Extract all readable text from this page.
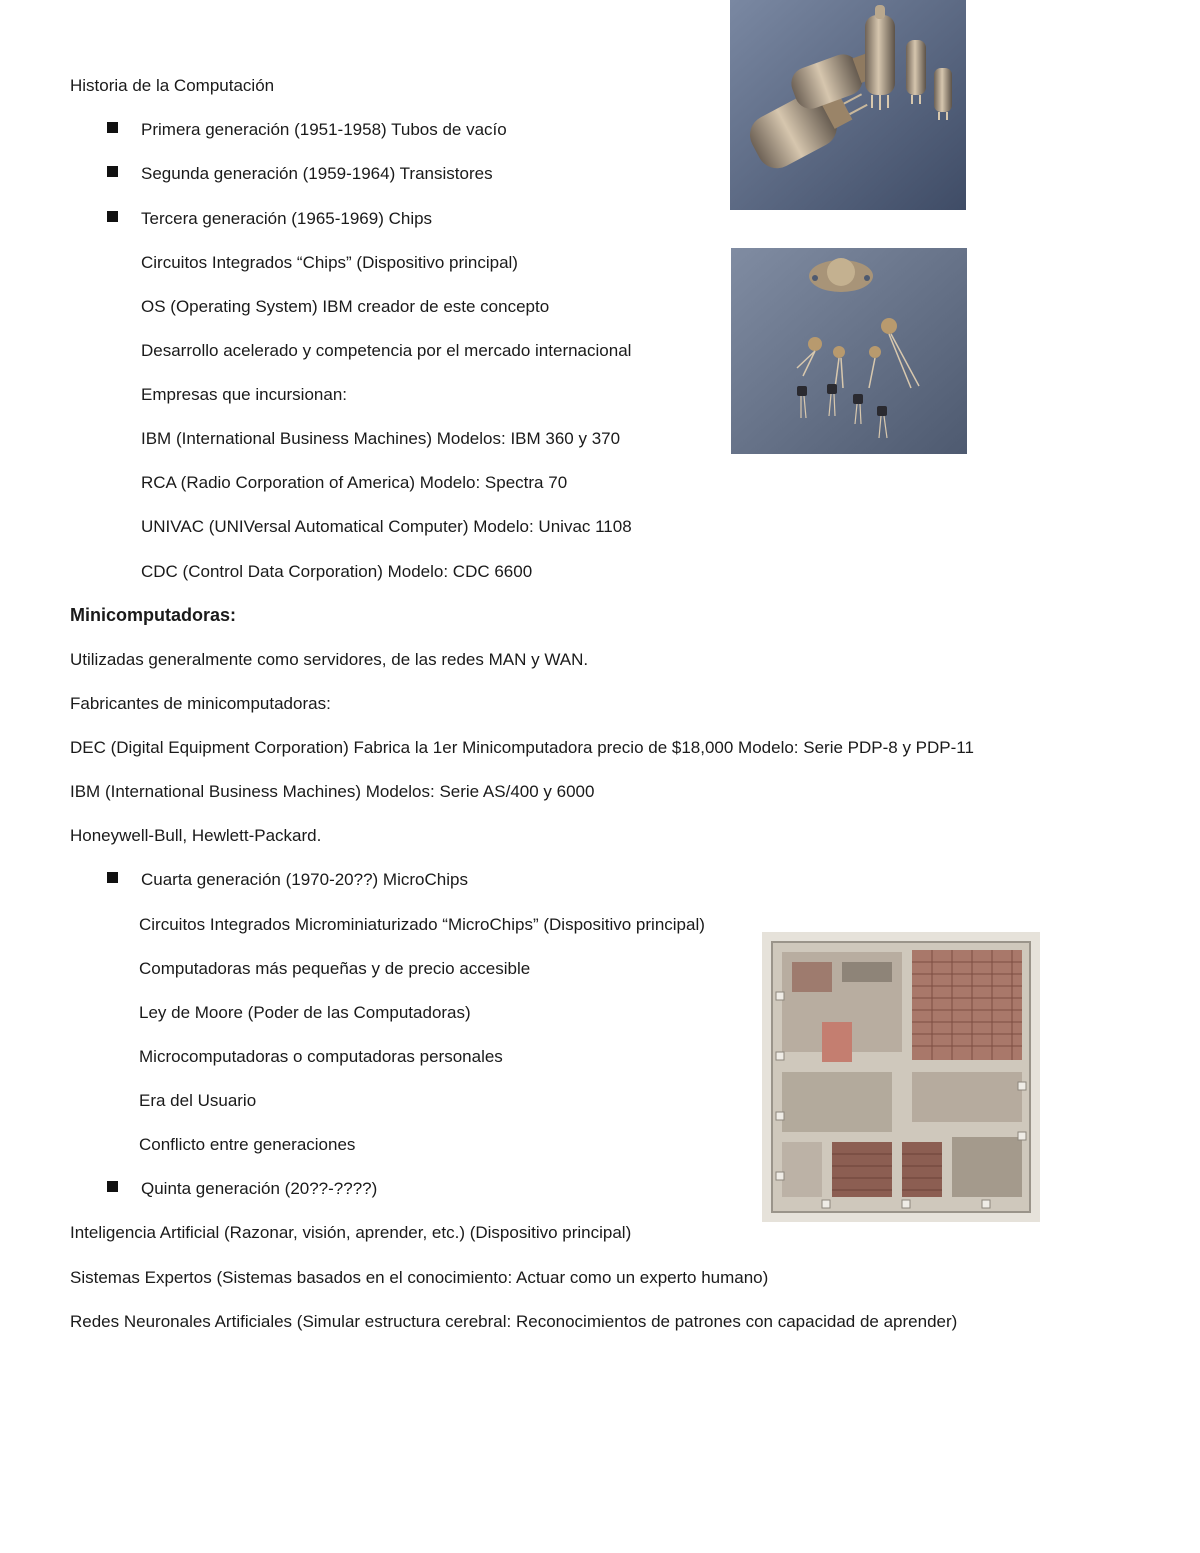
Historia de la Computación
Primera generación (1951-1958) Tubos de vacío
Segunda generación (1959-1964) Transistores
Tercera generación (1965-1969) Chips
Circuitos Integrados “Chips” (Dispositivo principal)
OS (Operating System) IBM creador de este concepto
Desarrollo acelerado y competencia por el mercado internacional
Empresas que incursionan:
IBM (International Business Machines) Modelos: IBM 360 y 370
RCA (Radio Corporation of America) Modelo: Spectra 70
UNIVAC (UNIVersal Automatical Computer) Modelo: Univac 1108
CDC (Control Data Corporation) Modelo: CDC 6600
Minicomputadoras:
Utilizadas generalmente como servidores, de las redes MAN y WAN.
Fabricantes de minicomputadoras:
DEC (Digital Equipment Corporation) Fabrica la 1er Minicomputadora precio de $18,000 Modelo: Serie PDP-8 y PDP-11
IBM (International Business Machines) Modelos: Serie AS/400 y 6000
Honeywell-Bull, Hewlett-Packard.
Cuarta generación (1970-20??) MicroChips
Circuitos Integrados Microminiaturizado “MicroChips” (Dispositivo principal)
Computadoras más pequeñas y de precio accesible
Ley de Moore (Poder de las Computadoras)
Microcomputadoras o computadoras personales
Era del Usuario
Conflicto entre generaciones
Quinta generación (20??-????)
Inteligencia Artificial (Razonar, visión, aprender, etc.) (Dispositivo principal)
Sistemas Expertos (Sistemas basados en el conocimiento: Actuar como un experto humano)
Redes Neuronales Artificiales (Simular estructura cerebral: Reconocimientos de patrones con capacidad de aprender)
